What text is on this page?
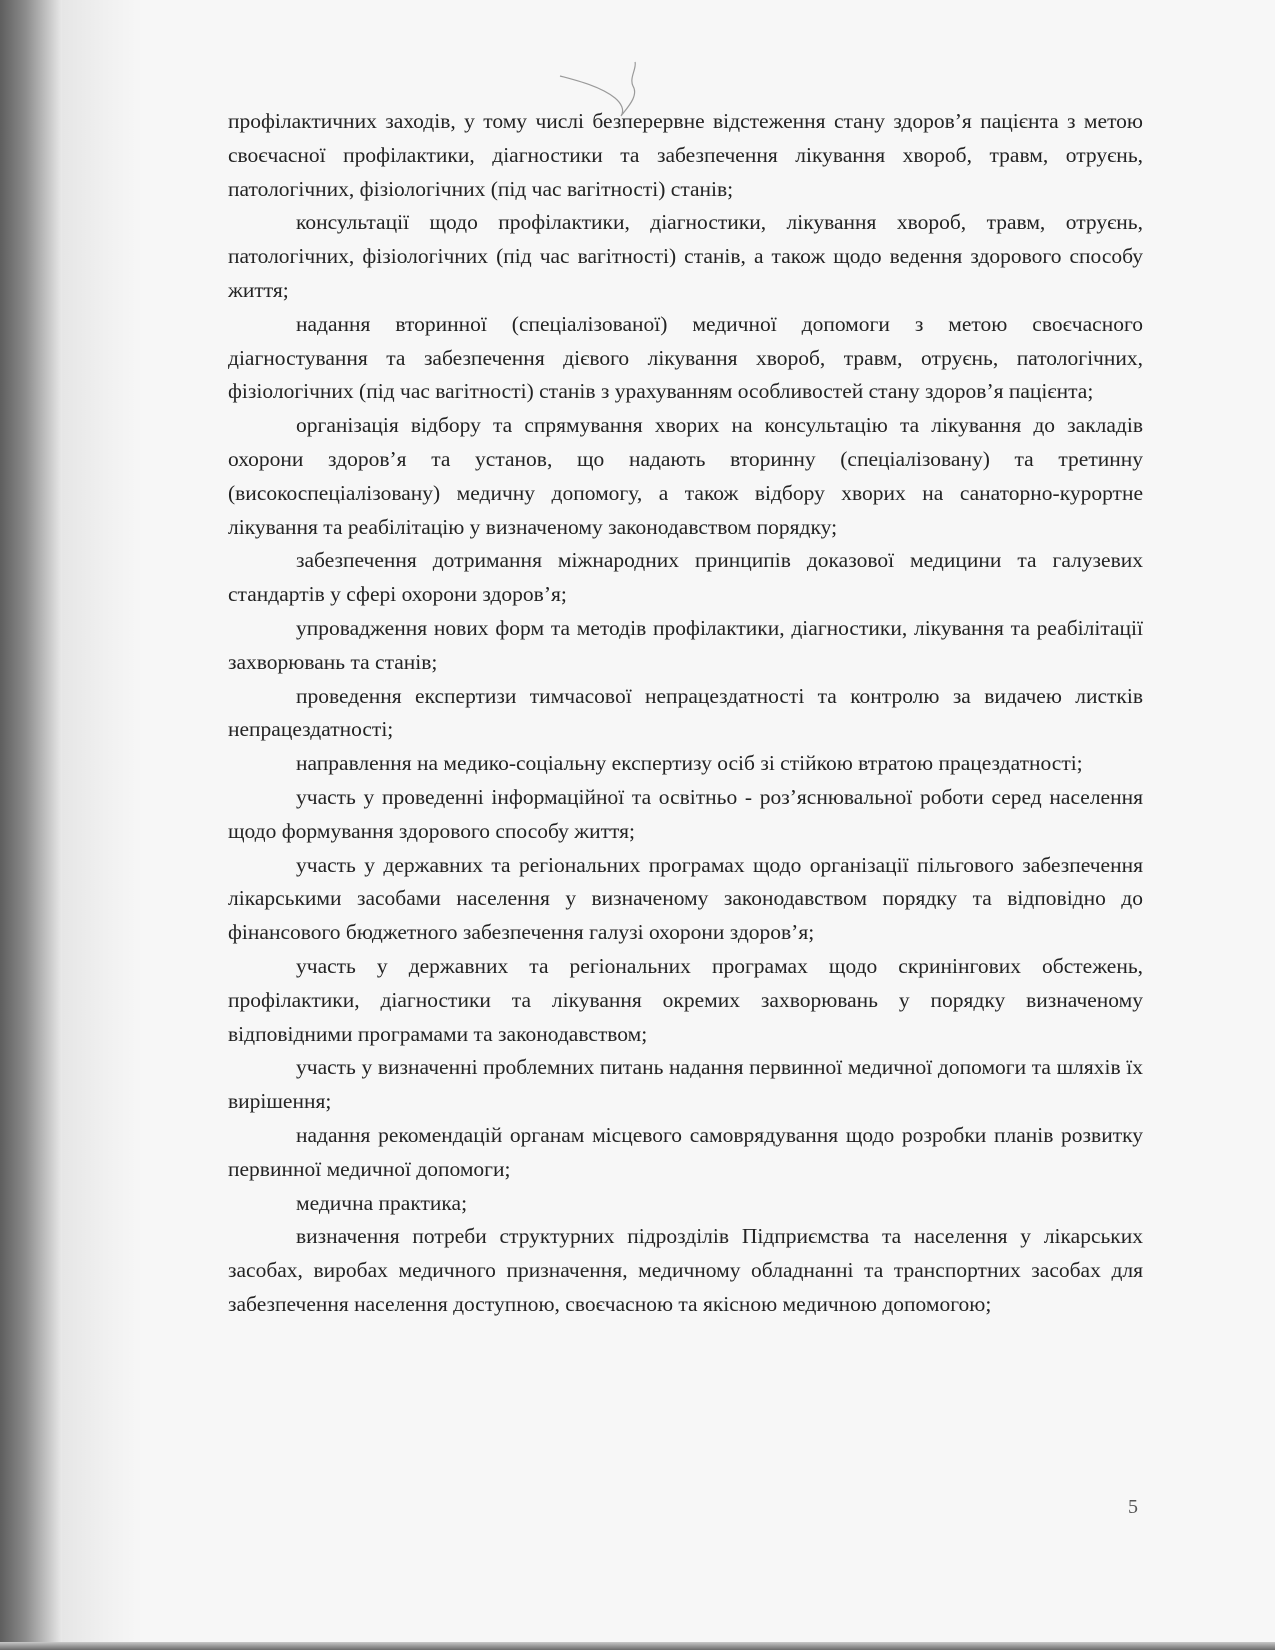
профілактичних заходів, у тому числі безперервне відстеження стану здоров’я пацієнта з метою своєчасної профілактики, діагностики та забезпечення лікування хвороб, травм, отруєнь, патологічних, фізіологічних (під час вагітності) станів;

консультації щодо профілактики, діагностики, лікування хвороб, травм, отруєнь, патологічних, фізіологічних (під час вагітності) станів, а також щодо ведення здорового способу життя;

надання вторинної (спеціалізованої) медичної допомоги з метою своєчасного діагностування та забезпечення дієвого лікування хвороб, травм, отруєнь, патологічних, фізіологічних (під час вагітності) станів з урахуванням особливостей стану здоров’я пацієнта;

організація відбору та спрямування хворих на консультацію та лікування до закладів охорони здоров’я та установ, що надають вторинну (спеціалізовану) та третинну (високоспеціалізовану) медичну допомогу, а також відбору хворих на санаторно-курортне лікування та реабілітацію у визначеному законодавством порядку;

забезпечення дотримання міжнародних принципів доказової медицини та галузевих стандартів у сфері охорони здоров’я;

упровадження нових форм та методів профілактики, діагностики, лікування та реабілітації захворювань та станів;

проведення експертизи тимчасової непрацездатності та контролю за видачею листків непрацездатності;

направлення на медико-соціальну експертизу осіб зі стійкою втратою працездатності;

участь у проведенні інформаційної та освітньо - роз’яснювальної роботи серед населення щодо формування здорового способу життя;

участь у державних та регіональних програмах щодо організації пільгового забезпечення лікарськими засобами населення у визначеному законодавством порядку та відповідно до фінансового бюджетного забезпечення галузі охорони здоров’я;

участь у державних та регіональних програмах щодо скринінгових обстежень, профілактики, діагностики та лікування окремих захворювань у порядку визначеному відповідними програмами та законодавством;

участь у визначенні проблемних питань надання первинної медичної допомоги та шляхів їх вирішення;

надання рекомендацій органам місцевого самоврядування щодо розробки планів розвитку первинної медичної допомоги;

медична практика;

визначення потреби структурних підрозділів Підприємства та населення у лікарських засобах, виробах медичного призначення, медичному обладнанні та транспортних засобах для забезпечення населення доступною, своєчасною та якісною медичною допомогою;

5
